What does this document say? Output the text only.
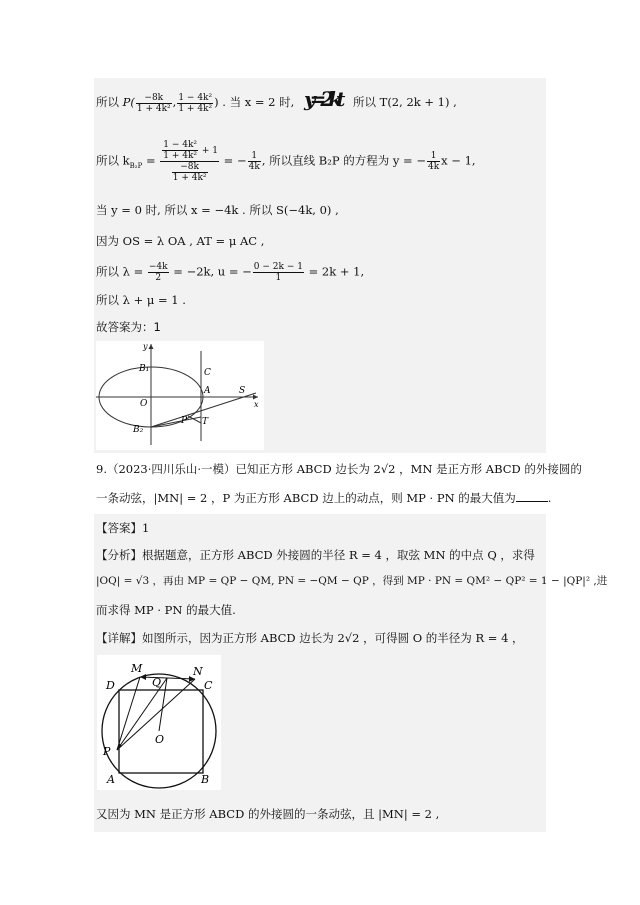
所以 $P( \frac{-8k}{\text{1 + 4k²}}$ , $\frac{\text{1 − 4k²}}{\text{1 + 4k²}}$ ) . 当 x = 2 时, y=2kt 所以 T(2, 2k + 1) ,
所以 $k_{B_2P} = \frac{\frac{\text{1 − 4k²}}{\text{1 + 4k²}} + 1}{\frac{-8k}{\text{1 + 4k²}}}$ = − $\frac{1}{4k}$ , 所以直线 B₂P 的方程为 y = − $\frac{1}{4k}$ x − 1,
当 y = 0 时, 所以 x = −4k . 所以 S(−4k, 0) ,
因为 OS = λ OA , AT = μ AC ,
所以 $\lambda = \frac{-4k}{2} = -2k$, u = − $\frac{0 - 2k - 1}{1} = 2k + 1$,
所以 λ + μ = 1 .
故答案为：1
B₁
O
B₂
A
C
S
P T
x
y
9.（2023·四川乐山·一模）已知正方形 ABCD 边长为 2√2 ，MN 是正方形 ABCD 的外接圆的
一条动弦，|MN| = 2 ，P 为正方形 ABCD 边上的动点，则 MP · PN 的最大值为	.
【答案】1
【分析】根据题意，正方形 ABCD 外接圆的半径 R = 4 ，取弦 MN 的中点 Q ，求得
|OQ| = √3 ，再由 MP = QP − QM, PN = −QM − QP ，得到 MP · PN = QM² − QP² = 1 − |QP|² ,进
而求得 MP · PN 的最大值.
【详解】如图所示，因为正方形 ABCD 边长为 2√2 ，可得圆 O 的半径为 R = 4 ，
M	N
D	C
Q
O
P
A	B
又因为 MN 是正方形 ABCD 的外接圆的一条动弦，且 |MN| = 2 ,
